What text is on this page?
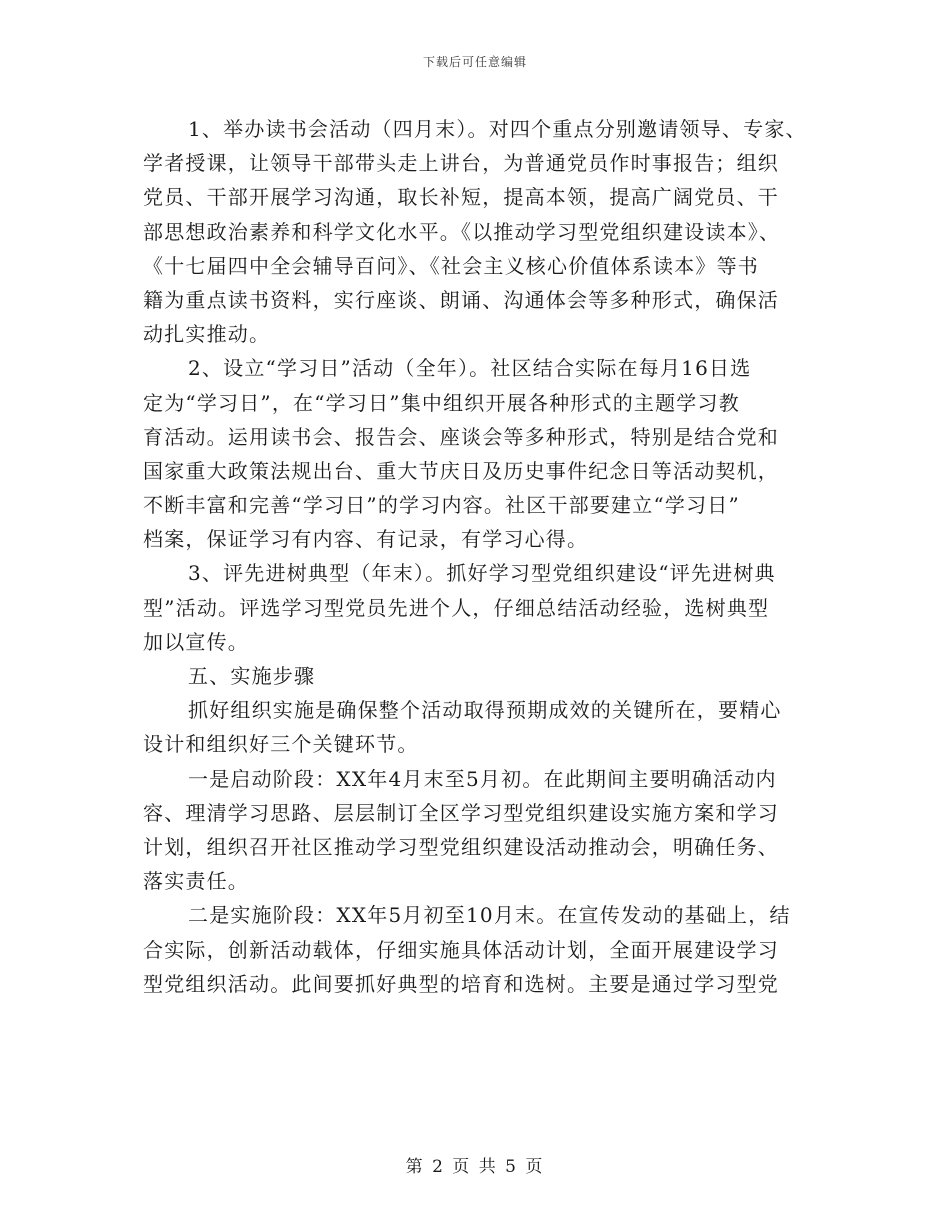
下载后可任意编辑
1、举办读书会活动（四月末）。对四个重点分别邀请领导、专家、
学者授课，让领导干部带头走上讲台，为普通党员作时事报告；组织
党员、干部开展学习沟通，取长补短，提高本领，提高广阔党员、干
部思想政治素养和科学文化水平。《以推动学习型党组织建设读本》、
《十七届四中全会辅导百问》、《社会主义核心价值体系读本》等书
籍为重点读书资料，实行座谈、朗诵、沟通体会等多种形式，确保活
动扎实推动。
2、设立“学习日”活动（全年）。社区结合实际在每月16日选
定为“学习日”，在“学习日”集中组织开展各种形式的主题学习教
育活动。运用读书会、报告会、座谈会等多种形式，特别是结合党和
国家重大政策法规出台、重大节庆日及历史事件纪念日等活动契机，
不断丰富和完善“学习日”的学习内容。社区干部要建立“学习日”
档案，保证学习有内容、有记录，有学习心得。
3、评先进树典型（年末）。抓好学习型党组织建设“评先进树典
型”活动。评选学习型党员先进个人，仔细总结活动经验，选树典型
加以宣传。
五、实施步骤
抓好组织实施是确保整个活动取得预期成效的关键所在，要精心
设计和组织好三个关键环节。
一是启动阶段：XX年4月末至5月初。在此期间主要明确活动内
容、理清学习思路、层层制订全区学习型党组织建设实施方案和学习
计划，组织召开社区推动学习型党组织建设活动推动会，明确任务、
落实责任。
二是实施阶段：XX年5月初至10月末。在宣传发动的基础上，结
合实际，创新活动载体，仔细实施具体活动计划，全面开展建设学习
型党组织活动。此间要抓好典型的培育和选树。主要是通过学习型党
第 2 页 共 5 页
